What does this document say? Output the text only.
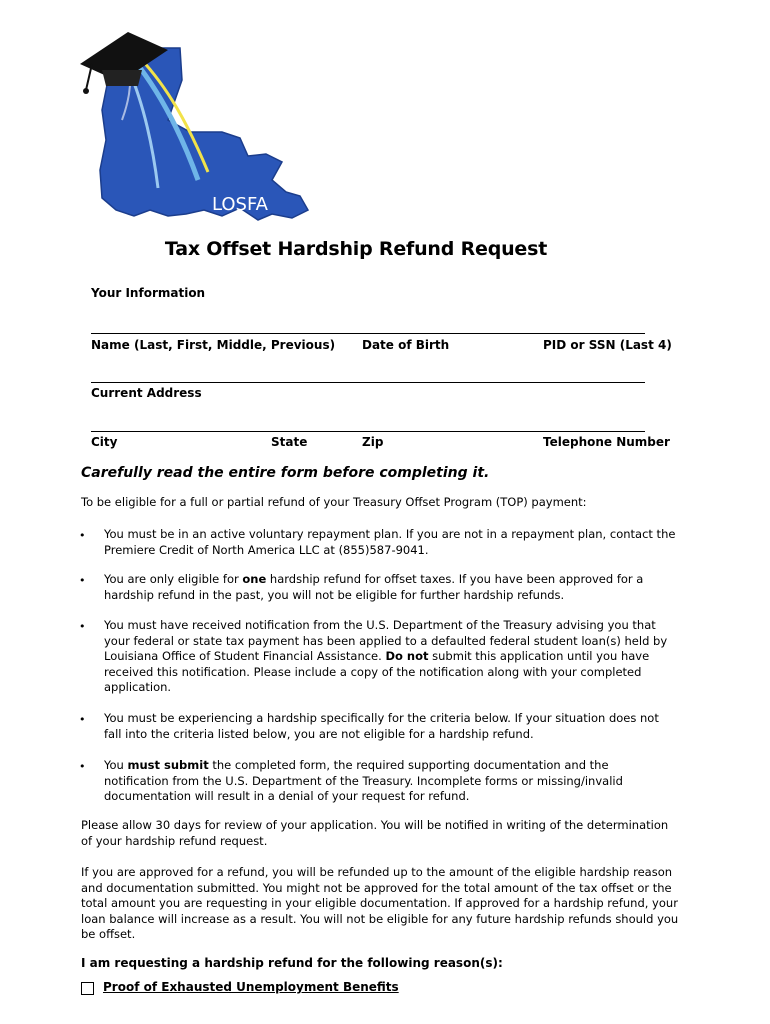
LOSFA
Tax Offset Hardship Refund Request
Your Information
Name (Last, First, Middle, Previous) Date of Birth	PID or SSN (Last 4)
Current Address
City	State	Zip	Telephone Number
Carefully read the entire form before completing it.
To be eligible for a full or partial refund of your Treasury Offset Program (TOP) payment:
• You must be in an active voluntary repayment plan. If you are not in a repayment plan, contact the Premiere Credit of North America LLC at (855)587-9041.
• You are only eligible for one hardship refund for offset taxes. If you have been approved for a hardship refund in the past, you will not be eligible for further hardship refunds.
• You must have received notification from the U.S. Department of the Treasury advising you that your federal or state tax payment has been applied to a defaulted federal student loan(s) held by Louisiana Office of Student Financial Assistance. Do not submit this application until you have received this notification. Please include a copy of the notification along with your completed application.
• You must be experiencing a hardship specifically for the criteria below. If your situation does not fall into the criteria listed below, you are not eligible for a hardship refund.
• You must submit the completed form, the required supporting documentation and the notification from the U.S. Department of the Treasury. Incomplete forms or missing/invalid documentation will result in a denial of your request for refund.
Please allow 30 days for review of your application. You will be notified in writing of the determination of your hardship refund request.
If you are approved for a refund, you will be refunded up to the amount of the eligible hardship reason and documentation submitted. You might not be approved for the total amount of the tax offset or the total amount you are requesting in your eligible documentation. If approved for a hardship refund, your loan balance will increase as a result. You will not be eligible for any future hardship refunds should you be offset.
I am requesting a hardship refund for the following reason(s):
Proof of Exhausted Unemployment Benefits
